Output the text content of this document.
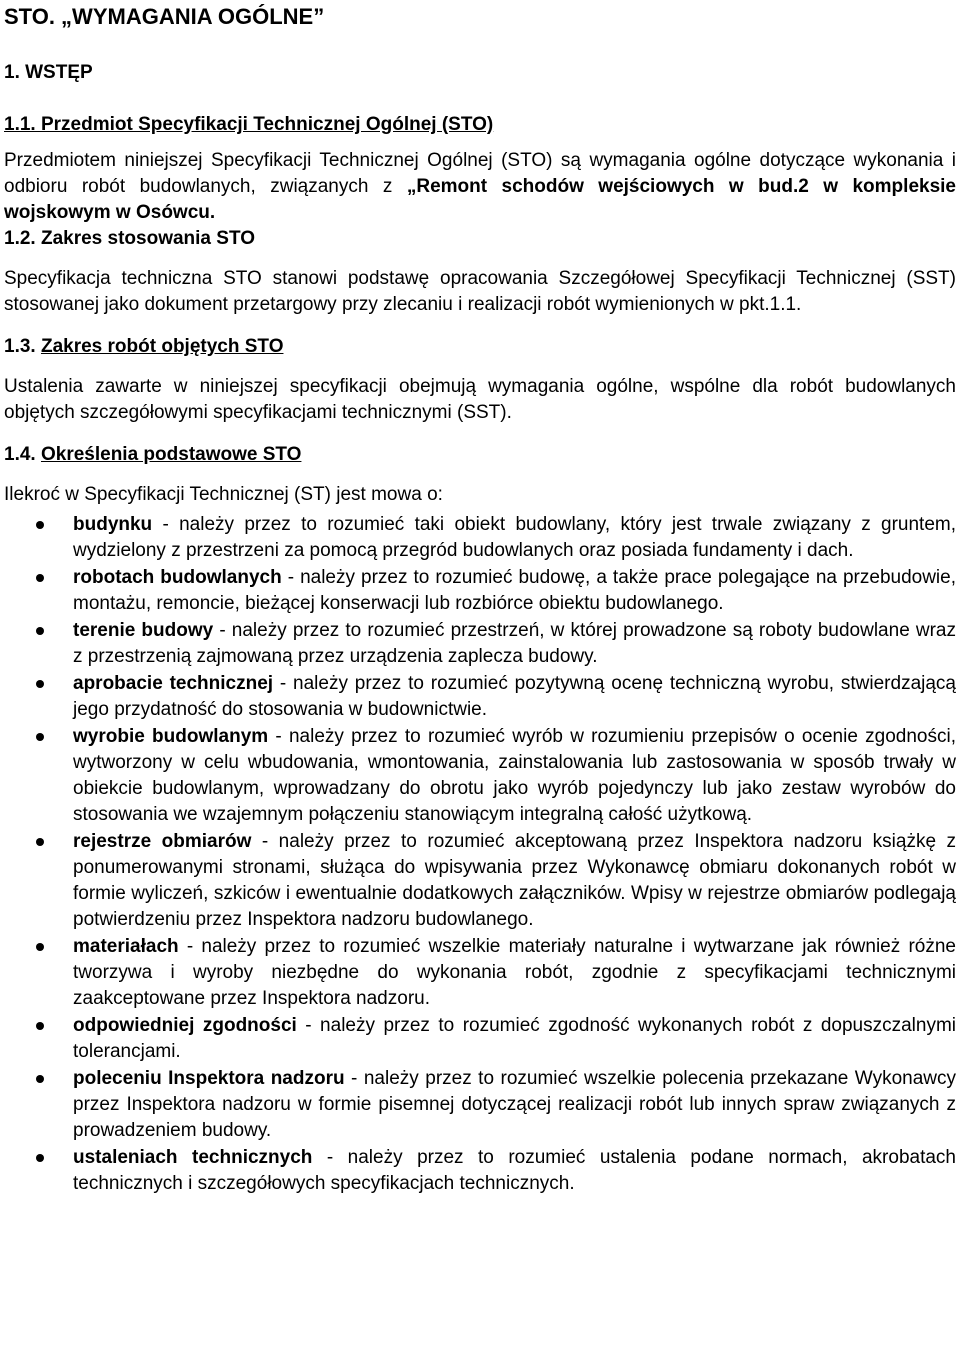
STO. „WYMAGANIA OGÓLNE”
1. WSTĘP
1.1. Przedmiot Specyfikacji Technicznej Ogólnej (STO)
Przedmiotem niniejszej Specyfikacji Technicznej Ogólnej (STO) są wymagania ogólne dotyczące wykonania i odbioru robót budowlanych, związanych z „Remont schodów wejściowych w bud.2 w kompleksie wojskowym w Osówcu.
1.2. Zakres stosowania STO
Specyfikacja techniczna STO stanowi podstawę opracowania Szczegółowej Specyfikacji Technicznej (SST) stosowanej jako dokument przetargowy przy zlecaniu i realizacji robót wymienionych w pkt.1.1.
1.3. Zakres robót objętych STO
Ustalenia zawarte w niniejszej specyfikacji obejmują wymagania ogólne, wspólne dla robót budowlanych objętych szczegółowymi specyfikacjami technicznymi (SST).
1.4. Określenia podstawowe STO
Ilekroć w Specyfikacji Technicznej (ST) jest mowa o:
budynku - należy przez to rozumieć taki obiekt budowlany, który jest trwale związany z gruntem, wydzielony z przestrzeni za pomocą przegród budowlanych oraz posiada fundamenty i dach.
robotach budowlanych - należy przez to rozumieć budowę, a także prace polegające na przebudowie, montażu, remoncie, bieżącej konserwacji lub rozbiórce obiektu budowlanego.
terenie budowy - należy przez to rozumieć przestrzeń, w której prowadzone są roboty budowlane wraz z przestrzenią zajmowaną przez urządzenia zaplecza budowy.
aprobacie technicznej - należy przez to rozumieć pozytywną ocenę techniczną wyrobu, stwierdzającą jego przydatność do stosowania w budownictwie.
wyrobie budowlanym - należy przez to rozumieć wyrób w rozumieniu przepisów o ocenie zgodności, wytworzony w celu wbudowania, wmontowania, zainstalowania lub zastosowania w sposób trwały w obiekcie budowlanym, wprowadzany do obrotu jako wyrób pojedynczy lub jako zestaw wyrobów do stosowania we wzajemnym połączeniu stanowiącym integralną całość użytkową.
rejestrze obmiarów - należy przez to rozumieć akceptowaną przez Inspektora nadzoru książkę z ponumerowanymi stronami, służąca do wpisywania przez Wykonawcę obmiaru dokonanych robót w formie wyliczeń, szkiców i ewentualnie dodatkowych załączników. Wpisy w rejestrze obmiarów podlegają potwierdzeniu przez Inspektora nadzoru budowlanego.
materiałach - należy przez to rozumieć wszelkie materiały naturalne i wytwarzane jak również różne tworzywa i wyroby niezbędne do wykonania robót, zgodnie z specyfikacjami technicznymi zaakceptowane przez Inspektora nadzoru.
odpowiedniej zgodności - należy przez to rozumieć zgodność wykonanych robót z dopuszczalnymi tolerancjami.
poleceniu Inspektora nadzoru - należy przez to rozumieć wszelkie polecenia przekazane Wykonawcy przez Inspektora nadzoru w formie pisemnej dotyczącej realizacji robót lub innych spraw związanych z prowadzeniem budowy.
ustaleniach technicznych - należy przez to rozumieć ustalenia podane normach, akrobatach technicznych i szczegółowych specyfikacjach technicznych.
